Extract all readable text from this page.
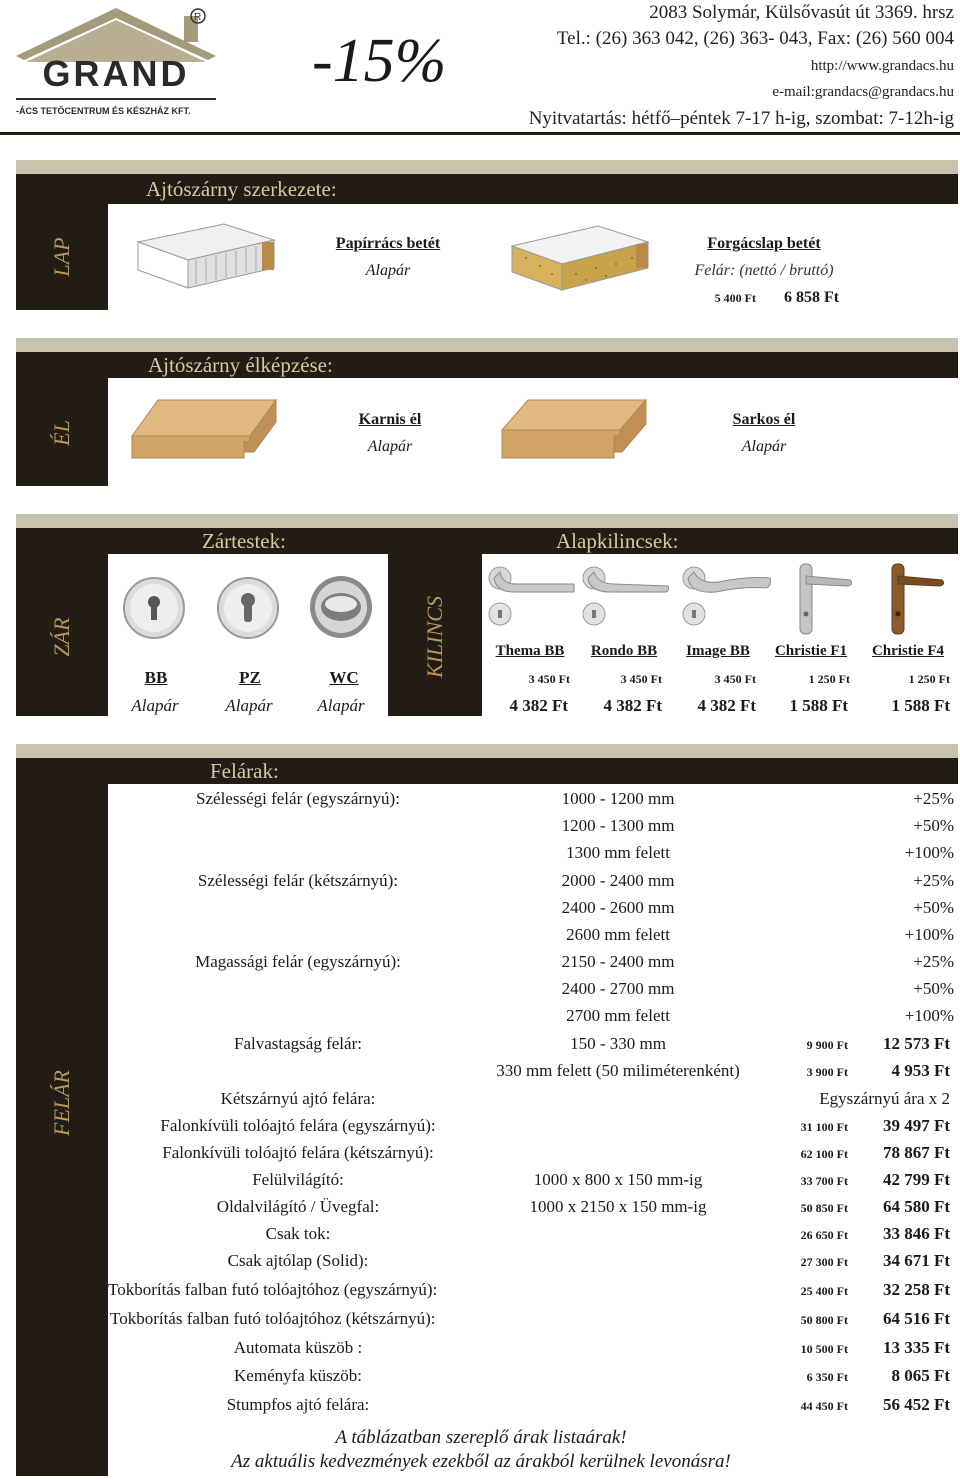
R
GRAND
-ÁCS TETŐCENTRUM ÉS KÉSZHÁZ KFT.
-15%
2083 Solymár, Külsővasút út 3369. hrsz
Tel.: (26) 363 042, (26) 363- 043, Fax: (26) 560 004
http://www.grandacs.hu
e-mail:grandacs@grandacs.hu
Nyitvatartás: hétfő–péntek 7-17 h-ig, szombat: 7-12h-ig
LAP
Ajtószárny szerkezete:
Papírrács betét
Alapár
Forgácslap betét
Felár: (nettó / bruttó)
5 400 Ft 6 858 Ft
ÉL
Ajtószárny élképzése:
Karnis él
Alapár
Sarkos él
Alapár
ZÁR	KILINCS
Zártestek:	Alapkilincsek:
BB	PZ	WC
Alapár	Alapár	Alapár
Thema BB	Rondo BB	Image BB	Christie F1	Christie F4
3 450 Ft	3 450 Ft	3 450 Ft	1 250 Ft	1 250 Ft
4 382 Ft	4 382 Ft	4 382 Ft	1 588 Ft	1 588 Ft
FELÁR
Felárak:
Szélességi felár (egyszárnyú):	1000 - 1200 mm	+25%
1200 - 1300 mm	+50%
1300 mm felett	+100%
Szélességi felár (kétszárnyú):	2000 - 2400 mm	+25%
2400 - 2600 mm	+50%
2600 mm felett	+100%
Magassági felár (egyszárnyú):	2150 - 2400 mm	+25%
2400 - 2700 mm	+50%
2700 mm felett	+100%
Falvastagság felár:	150 - 330 mm	9 900 Ft	12 573 Ft
330 mm felett (50 miliméterenként)	3 900 Ft	4 953 Ft
Kétszárnyú ajtó felára:	Egyszárnyú ára x 2
Falonkívüli tolóajtó felára (egyszárnyú):	31 100 Ft	39 497 Ft
Falonkívüli tolóajtó felára (kétszárnyú):	62 100 Ft	78 867 Ft
Felülvilágító:	1000 x 800 x 150 mm-ig	33 700 Ft	42 799 Ft
Oldalvilágító / Üvegfal:	1000 x 2150 x 150 mm-ig	50 850 Ft	64 580 Ft
Csak tok:	26 650 Ft	33 846 Ft
Csak ajtólap (Solid):	27 300 Ft	34 671 Ft
Tokborítás falban futó tolóajtóhoz (egyszárnyú):	25 400 Ft	32 258 Ft
Tokborítás falban futó tolóajtóhoz (kétszárnyú):	50 800 Ft	64 516 Ft
Automata küszöb :	10 500 Ft	13 335 Ft
Keményfa küszöb:	6 350 Ft	8 065 Ft
Stumpfos ajtó felára:	44 450 Ft	56 452 Ft
A táblázatban szereplő árak listaárak!
Az aktuális kedvezmények ezekből az árakból kerülnek levonásra!
